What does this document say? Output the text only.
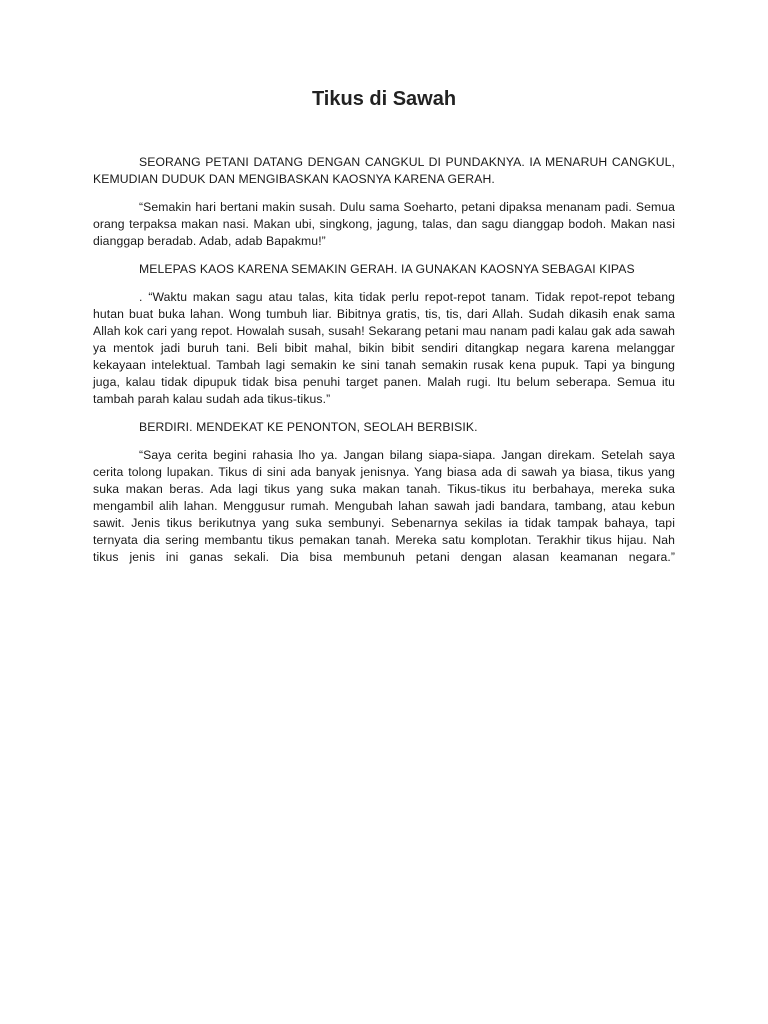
Tikus di Sawah

SEORANG PETANI DATANG DENGAN CANGKUL DI PUNDAKNYA. IA MENARUH CANGKUL, KEMUDIAN DUDUK DAN MENGIBASKAN KAOSNYA KARENA GERAH.

“Semakin hari bertani makin susah. Dulu sama Soeharto, petani dipaksa menanam padi. Semua orang terpaksa makan nasi. Makan ubi, singkong, jagung, talas, dan sagu dianggap bodoh. Makan nasi dianggap beradab. Adab, adab Bapakmu!”

MELEPAS KAOS KARENA SEMAKIN GERAH. IA GUNAKAN KAOSNYA SEBAGAI KIPAS

. “Waktu makan sagu atau talas, kita tidak perlu repot-repot tanam. Tidak repot-repot tebang hutan buat buka lahan. Wong tumbuh liar. Bibitnya gratis, tis, tis, dari Allah. Sudah dikasih enak sama Allah kok cari yang repot. Howalah susah, susah! Sekarang petani mau nanam padi kalau gak ada sawah ya mentok jadi buruh tani. Beli bibit mahal, bikin bibit sendiri ditangkap negara karena melanggar kekayaan intelektual. Tambah lagi semakin ke sini tanah semakin rusak kena pupuk. Tapi ya bingung juga, kalau tidak dipupuk tidak bisa penuhi target panen. Malah rugi. Itu belum seberapa. Semua itu tambah parah kalau sudah ada tikus-tikus.”

BERDIRI. MENDEKAT KE PENONTON, SEOLAH BERBISIK.

“Saya cerita begini rahasia lho ya. Jangan bilang siapa-siapa. Jangan direkam. Setelah saya cerita tolong lupakan. Tikus di sini ada banyak jenisnya. Yang biasa ada di sawah ya biasa, tikus yang suka makan beras. Ada lagi tikus yang suka makan tanah. Tikus-tikus itu berbahaya, mereka suka mengambil alih lahan. Menggusur rumah. Mengubah lahan sawah jadi bandara, tambang, atau kebun sawit. Jenis tikus berikutnya yang suka sembunyi. Sebenarnya sekilas ia tidak tampak bahaya, tapi ternyata dia sering membantu tikus pemakan tanah. Mereka satu komplotan. Terakhir tikus hijau. Nah tikus jenis ini ganas sekali. Dia bisa membunuh petani dengan alasan keamanan negara.”
